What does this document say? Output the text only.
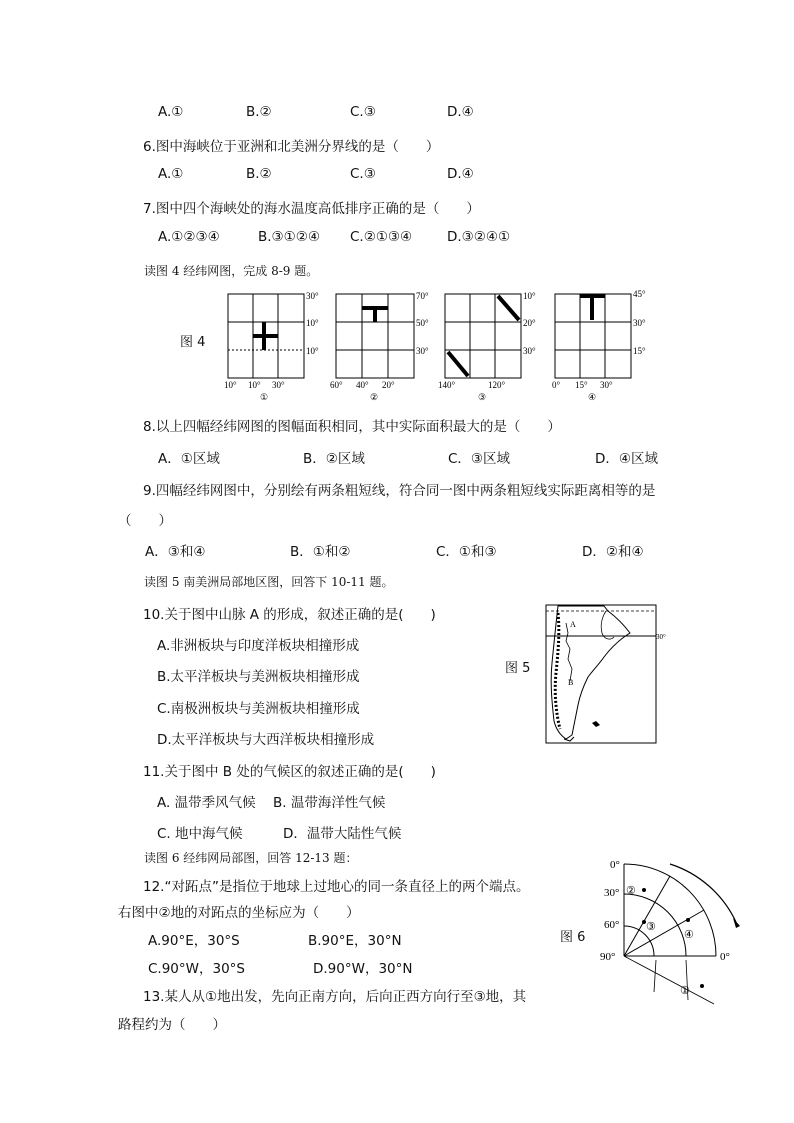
A.①	B.②	C.③	D.④
6.图中海峡位于亚洲和北美洲分界线的是（　　）
A.①	B.②	C.③	D.④
7.图中四个海峡处的海水温度高低排序正确的是（　　）
A.①②③④	B.③①②④ C.②①③④	D.③②④①
读图 4 经纬网图，完成 8-9 题。
图 4
30°
10°
10°
10° 10° 30°
①
70°
50°
30°
60° 40° 20°
②
10°
20°
30°
140°	120°
③
45°
30°
15°
0° 15° 30°
④
8.以上四幅经纬网图的图幅面积相同，其中实际面积最大的是（　　）
A．①区域	B．②区域	C．③区域	D．④区域
9.四幅经纬网图中，分别绘有两条粗短线，符合同一图中两条粗短线实际距离相等的是
（　　）
A．③和④	B．①和②	C．①和③	D．②和④
读图 5 南美洲局部地区图，回答下 10-11 题。
10.关于图中山脉 A 的形成，叙述正确的是(　　)
A.非洲板块与印度洋板块相撞形成
B.太平洋板块与美洲板块相撞形成
C.南极洲板块与美洲板块相撞形成
D.太平洋板块与大西洋板块相撞形成
图 5
A
B
30°
11.关于图中 B 处的气候区的叙述正确的是(　　)
A. 温带季风气候 B. 温带海洋性气候
C. 地中海气候	D．温带大陆性气候
读图 6 经纬网局部图，回答 12-13 题：
12.“对跖点”是指位于地球上过地心的同一条直径上的两个端点。
右图中②地的对跖点的坐标应为（　　）
A.90°E，30°S	B.90°E，30°N
C.90°W，30°S	D.90°W，30°N
13.某人从①地出发，先向正南方向，后向正西方向行至③地，其
路程约为（　　）
图 6
0°
30°
60°
90°	0°
②
③
④
①
